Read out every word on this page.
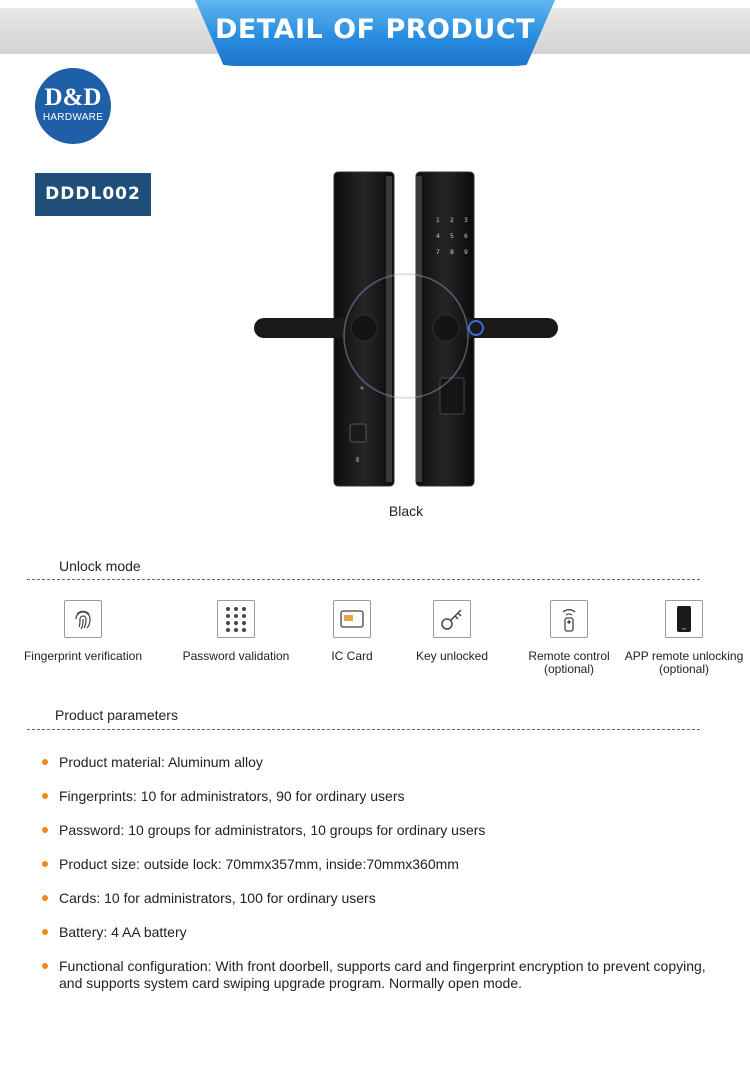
DETAIL OF PRODUCT
D&D
HARDWARE
DDDL002
1 2 3
4 5 6
7 8 9
Black
Unlock mode
Fingerprint verification	Password validation	IC Card	Key unlocked	Remote control (optional)
APP remote unlocking (optional)
Product parameters
Product material: Aluminum alloy
Fingerprints: 10 for administrators, 90 for ordinary users
Password: 10 groups for administrators, 10 groups for ordinary users
Product size: outside lock: 70mmx357mm, inside:70mmx360mm
Cards: 10 for administrators, 100 for ordinary users
Battery: 4 AA battery
Functional configuration: With front doorbell, supports card and fingerprint encryption to prevent copying, and supports system card swiping upgrade program. Normally open mode.
